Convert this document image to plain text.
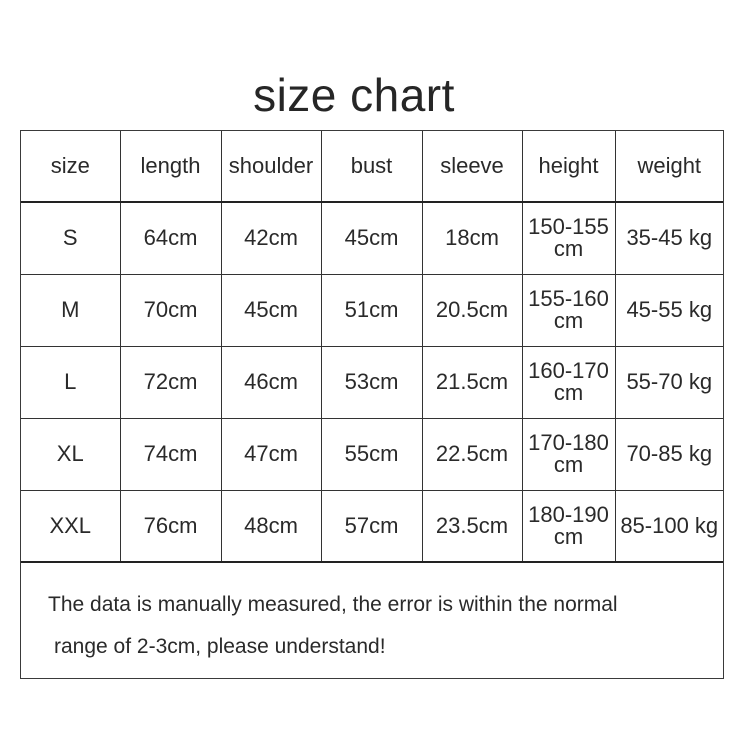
size chart
size	length	shoulder	bust	sleeve	height	weight
S	64cm	42cm	45cm	18cm	150-155 cm	35-45 kg
M	70cm	45cm	51cm	20.5cm	155-160 cm	45-55 kg
L	72cm	46cm	53cm	21.5cm	160-170 cm	55-70 kg
XL	74cm	47cm	55cm	22.5cm	170-180 cm	70-85 kg
XXL	76cm	48cm	57cm	23.5cm	180-190 cm	85-100 kg
The data is manually measured, the error is within the normal
range of 2-3cm, please understand!
